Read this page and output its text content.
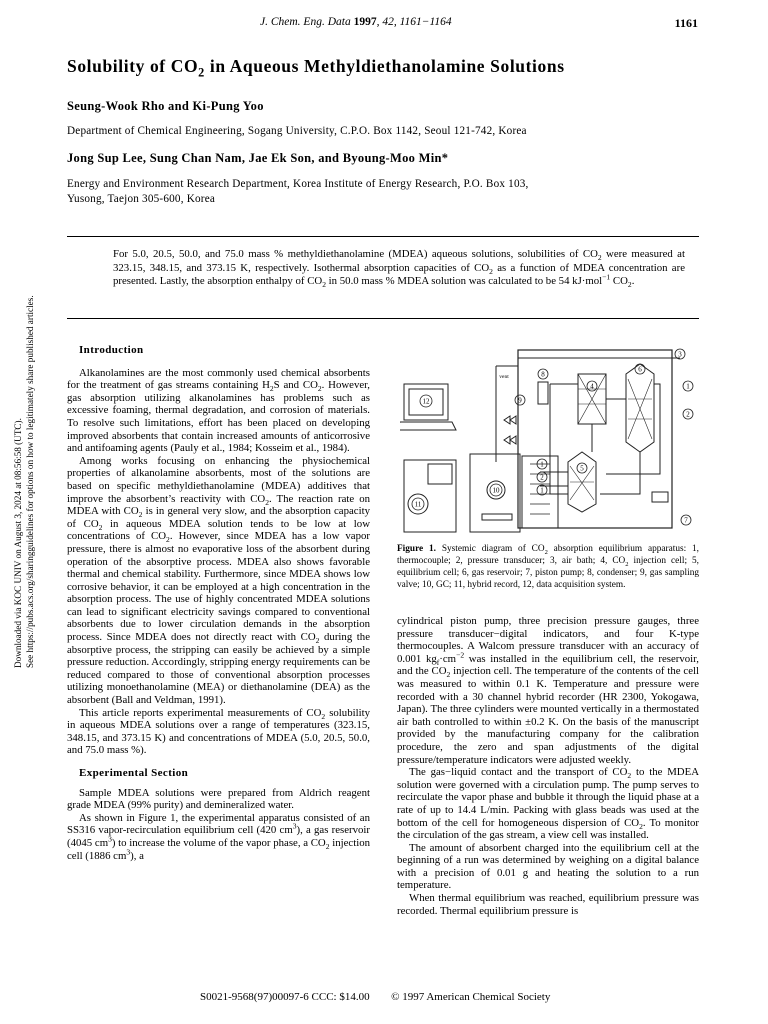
J. Chem. Eng. Data 1997, 42, 1161−1164	1161
Solubility of $CO_2$ in Aqueous Methyldiethanolamine Solutions
Seung-Wook Rho and Ki-Pung Yoo
Department of Chemical Engineering, Sogang University, C.P.O. Box 1142, Seoul 121-742, Korea
Jong Sup Lee, Sung Chan Nam, Jae Ek Son, and Byoung-Moo Min*
Energy and Environment Research Department, Korea Institute of Energy Research, P.O. Box 103,
Yusong, Taejon 305-600, Korea
For 5.0, 20.5, 50.0, and 75.0 mass % methyldiethanolamine (MDEA) aqueous solutions, solubilities of $CO_2$ were measured at 323.15, 348.15, and 373.15 K, respectively. Isothermal absorption capacities of $CO_2$ as a function of MDEA concentration are presented. Lastly, the absorption enthalpy of $CO_2$ in 50.0 mass % MDEA solution was calculated to be 54 kJ·mol$^{-1}$ $CO_2$.
Downloaded via KOC UNIV on August 3, 2024 at 08:56:58 (UTC). See https://pubs.acs.org/sharingguidelines for options on how to legitimately share published articles.	Introduction

Alkanolamines are the most commonly used chemical absorbents for the treatment of gas streams containing $H_2S$ and $CO_2$. However, gas absorption utilizing alkanolamines has problems such as excessive foaming, thermal degradation, and corrosion of materials. To resolve such limitations, effort has been placed on developing improved absorbents that contain increased amounts of anticorrosive and antifoaming agents (Pauly et al., 1984; Kosseim et al., 1984).

Among works focusing on enhancing the physiochemical properties of alkanolamine absorbents, most of the solutions are based on specific methyldiethanolamine (MDEA) additives that improve the absorbent’s reactivity with $CO_2$. The reaction rate on MDEA with $CO_2$ is in general very slow, and the absorption capacity of $CO_2$ in aqueous MDEA solution tends to be low at low concentrations of $CO_2$. However, since MDEA has a low vapor pressure, there is almost no evaporative loss of the absorbent during operation of the absorptive process. MDEA also shows favorable thermal and chemical stability. Furthermore, since MDEA shows low corrosive behavior, it can be employed at a high concentration in the absorption process. The use of highly concentrated MDEA solutions can lead to significant electricity savings compared to conventional absorbents due to lower circulation demands in the absorption process. Since MDEA does not directly react with $CO_2$ during the absorptive process, the stripping can easily be achieved by a simple pressure reduction. Accordingly, stripping energy requirements can be reduced compared to those of conventional absorption processes utilizing monoethanolamine (MEA) or diethanolamine (DEA) as the absorbent (Ball and Veldman, 1991).

This article reports experimental measurements of $CO_2$ solubility in aqueous MDEA solutions over a range of temperatures (323.15, 348.15, and 373.15 K) and concentrations of MDEA (5.0, 20.5, 50.0, and 75.0 mass %).

Experimental Section

Sample MDEA solutions were prepared from Aldrich reagent grade MDEA (99% purity) and demineralized water.

As shown in Figure 1, the experimental apparatus consisted of an SS316 vapor-recirculation equilibrium cell (420 $cm^3$), a gas reservoir (4045 $cm^3$) to increase the volume of the vapor phase, a $CO_2$ injection cell (1886 $cm^3$), a

3
1
2
6
4
5
1
2
1
7
8
9
10
11
12
vent
Figure 1. Systemic diagram of $CO_2$ absorption equilibrium apparatus: 1, thermocouple; 2, pressure transducer; 3, air bath; 4, $CO_2$ injection cell; 5, equilibrium cell; 6, gas reservoir; 7, piston pump; 8, condenser; 9, gas sampling valve; 10, GC; 11, hybrid record, 12, data acquisition system.

cylindrical piston pump, three precision pressure gauges, three pressure transducer−digital indicators, and four K-type thermocouples. A Walcom pressure transducer with an accuracy of 0.001 $kg_f\cdot cm^{-2}$ was installed in the equilibrium cell, the reservoir, and the $CO_2$ injection cell. The temperature of the contents of the cell was measured to within 0.1 K. Temperature and pressure were recorded with a 30 channel hybrid recorder (HR 2300, Yokogawa, Japan). The three cylinders were mounted vertically in a thermostated air bath controlled to within ±0.2 K. On the basis of the manuscript provided by the manufacturing company for the calibration procedure, the zero and span adjustments of the digital pressure/temperature indicators were adjusted weekly.

The gas−liquid contact and the transport of $CO_2$ to the MDEA solution were governed with a circulation pump. The pump serves to recirculate the vapor phase and bubble it through the liquid phase at a rate of up to 14.4 L/min. Packing with glass beads was used at the bottom of the cell for homogeneous dispersion of $CO_2$. To monitor the circulation of the gas stream, a view cell was installed.

The amount of absorbent charged into the equilibrium cell at the beginning of a run was determined by weighing on a digital balance with a precision of 0.01 g and heating the solution to a run temperature.

When thermal equilibrium was reached, equilibrium pressure was recorded. Thermal equilibrium pressure is

S0021-9568(97)00097-6 CCC: $14.00 © 1997 American Chemical Society
